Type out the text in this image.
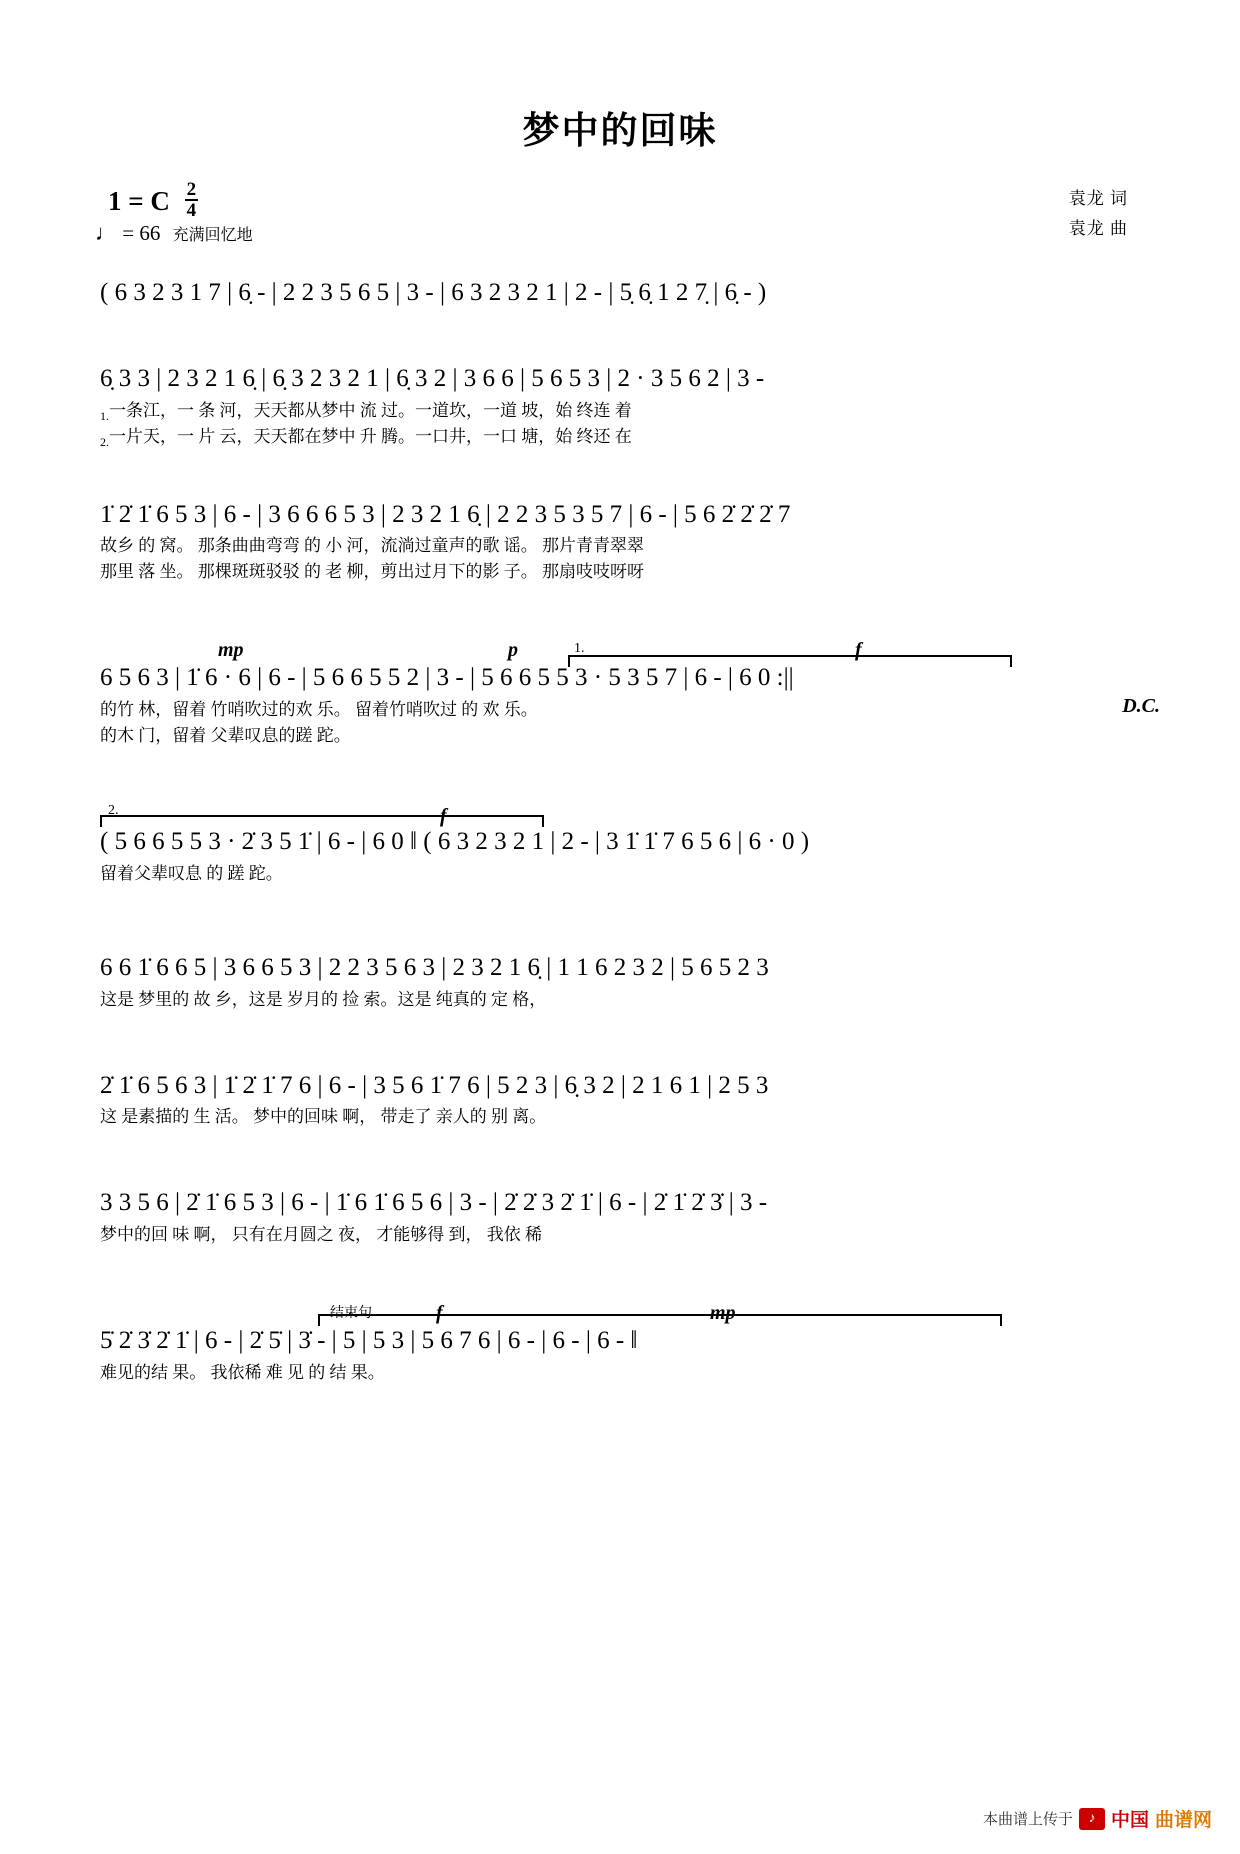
梦中的回味
1 = C $\frac{2}{4}$
♩ = 66 充满回忆地
袁龙 词
袁龙 曲
( 6 3 2 3 1 7 | 6̣ - | 2 2 3 5 6 5 | 3 - | 6 3 2 3 2 1 | 2 - | 5̣ 6̣ 1 2 7̣ | 6̣ - )
6̣ 3 3 | 2 3 2 1 6̣ | 6̣ 3 2 3 2 1 | 6̣ 3 2 | 3 6 6 | 5 6 5 3 | 2 · 3 5 6 2 | 3 -
$_{1.}$一条江，一 条 河，天天都从梦中 流 过。一道坎，一道 坡，始 终连 着
$_{2.}$一片天，一 片 云，天天都在梦中 升 腾。一口井，一口 塘，始 终还 在
1̇ 2̇ 1̇ 6 5 3 | 6 - | 3 6 6 6 5 3 | 2 3 2 1 6̣ | 2 2 3 5 3 5 7 | 6 - | 5 6 2̇ 2̇ 2̇ 7
故乡 的 窝。 那条曲曲弯弯 的 小 河，流淌过童声的歌 谣。 那片青青翠翠
那里 落 坐。 那棵斑斑驳驳 的 老 柳，剪出过月下的影 子。 那扇吱吱呀呀
mp	p	f
1.
6 5 6 3 | 1̇ 6 · 6 | 6 - | 5 6 6 5 5 2 | 3 - | 5 6 6 5 5 3 · 5 3 5 7 | 6 - | 6 0 :||
的竹 林，留着 竹哨吹过的欢 乐。 留着竹哨吹过 的 欢 乐。	D.C.
的木 门，留着 父辈叹息的蹉 跎。
2.	f
( 5 6 6 5 5 3 · 2̇ 3 5 1̇ | 6 - | 6 0 ‖ ( 6 3 2 3 2 1 | 2 - | 3 1̇ 1̇ 7 6 5 6 | 6 · 0 )
留着父辈叹息 的 蹉 跎。
6 6 1̇ 6 6 5 | 3 6 6 5 3 | 2 2 3 5 6 3 | 2 3 2 1 6̣ | 1 1 6 2 3 2 | 5 6 5 2 3
这是 梦里的 故 乡，这是 岁月的 捡 索。这是 纯真的 定 格，
2̇ 1̇ 6 5 6 3 | 1̇ 2̇ 1̇ 7 6 | 6 - | 3 5 6 1̇ 7 6 | 5 2 3 | 6̣ 3 2 | 2 1 6 1 | 2 5 3
这 是素描的 生 活。 梦中的回味 啊， 带走了 亲人的 别 离。
3 3 5 6 | 2̇ 1̇ 6 5 3 | 6 - | 1̇ 6 1̇ 6 5 6 | 3 - | 2̇ 2̇ 3 2̇ 1̇ | 6 - | 2̇ 1̇ 2̇ 3̇ | 3 -
梦中的回 味 啊， 只有在月圆之 夜， 才能够得 到， 我依 稀
结束句	f	mp
5̇ 2̇ 3̇ 2̇ 1̇ | 6 - | 2̇ 5̇ | 3̇ - | 5 | 5 3 | 5 6 7 6 | 6 - | 6 - | 6 - ‖
难见的结 果。 我依稀 难 见 的 结 果。
本曲谱上传于	♪ 中国 曲谱网
